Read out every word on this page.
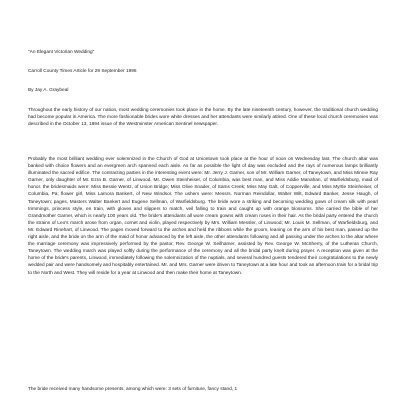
"An Elegant Victorian Wedding"

Carroll County Times Article for 29 September 1996

By Jay A. Graybeal

Throughout the early history of our nation, most wedding ceremonies took place in the home. By the late nineteenth century, however, the traditional church wedding had become popular in America. The more fashionable brides wore white dresses and her attendants were similarly attired. One of these local church ceremonies was described in the October 13, 1894 issue of the Westminster American Sentinel newspaper.

Probably the most brilliant wedding ever solemnized in the Church of God at Uniontown took place at the hour of noon on Wednesday last. The church altar was banked with choice flowers and an evergreen arch spanned each aisle. As far as possible the light of day was excluded and the rays of numerous lamps brilliantly illuminated the sacred edifice. The contracting parties in the interesting event were: Mr. Jerry J. Garner, son of Mr. William Garner, of Taneytown, and Miss Minnie Ray Garner, only daughter of Mr. Ezra B. Garner, of Linwood. Mr. Owen Steinheiser, of Columbia, was best man, and Miss Addie Manahan, of Warfieldsburg, maid of honor. the bridesmaids were: Miss Bessie Wentz, of Union Bridge; Miss Olive Snader, of Sams Creek; Miss May Galt, of Copperville, and Miss Myrtle Steinheiser, of Columbia, Pa; flower girl, Miss Lamora Bankert, of New Windsor. The ushers were: Messrs. Norman Reindollar, Walter Wilt, Edward Banker, Jesse Haugh, of Taneytown; pages, Masters Walter Bankert and Eugene Sellman, of Warfieldsburg. The bride wore a striking and becoming wedding gown of cream silk with pearl trimmings, princess style, en train, with gloves and slippers to match, veil falling to train and caught up with orange blossoms. She carried the bible of her Grandmother Garner, which is nearly 100 years old. The bride's attendants all wore cream gowns with cream roses in their hair. As the bridal party entered the church the strains of Leo's march arose from organ, cornet and violin, played respectively by Mrs. William Messler, of Linwood; Mr. Louis M. Sellman, of Warfieldsburg, and Mr. Edward Rinehart, of Linwood. The pages moved forward to the arches and held the ribbons while the groom, leaning on the arm of his best man, passed up the right aisle, and the bride on the arm of the maid of honor advanced by the left aisle, the other attendants following and all passing under the arches to the altar where the marriage ceremony was impressively performed by the pastor, Rev. George W. Seilhamer, assisted by Rev. George W. McSherry, of the Lutheran Church, Taneytown. The wedding march was played softly during the performance of the ceremony and all the bridal party knelt during prayer. A reception was given at the home of the bride's parents, Linwood, immediately following the solemnization of the nuptials, and several hundred guests tendered their congratulations to the newly wedded pair and were handsomely and hospitably entertained. Mr. and Mrs. Garner were driven to Taneytown at a late hour and took an afternoon train for a bridal trip to the North and West. They will reside for a year at Linwood and then make their home at Taneytown.

The bride received many handsome presents, among which were: 3 sets of furniture, fancy stand, 1
